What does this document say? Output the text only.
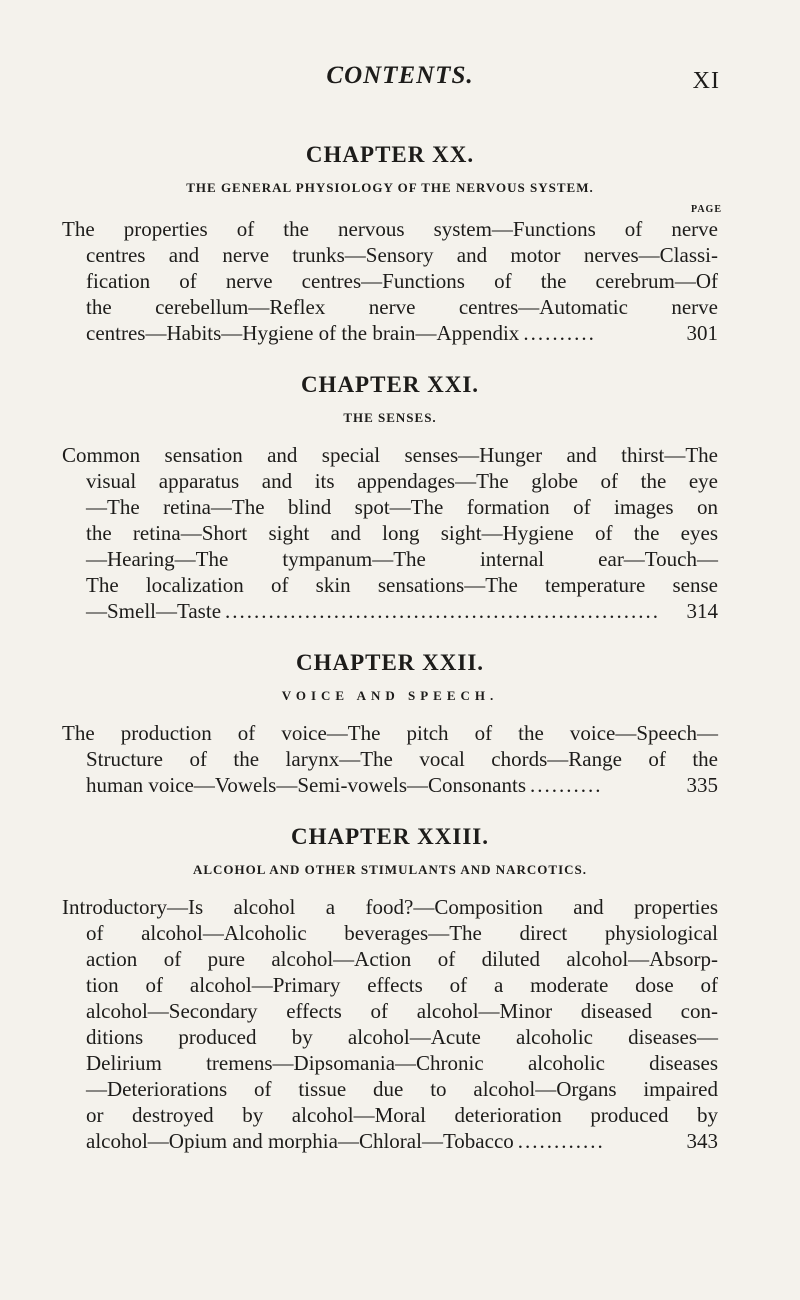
CONTENTS.	XI
CHAPTER XX.
THE GENERAL PHYSIOLOGY OF THE NERVOUS SYSTEM.
PAGE
The properties of the nervous system—Functions of nerve
centres and nerve trunks—Sensory and motor nerves—Classi-
fication of nerve centres—Functions of the cerebrum—Of
the cerebellum—Reflex nerve centres—Automatic nerve
centres—Habits—Hygiene of the brain—Appendix ..........	301
CHAPTER XXI.
THE SENSES.
Common sensation and special senses—Hunger and thirst—The
visual apparatus and its appendages—The globe of the eye
—The retina—The blind spot—The formation of images on
the retina—Short sight and long sight—Hygiene of the eyes
—Hearing—The tympanum—The internal ear—Touch—
The localization of skin sensations—The temperature sense
—Smell—Taste ............................................................	314
CHAPTER XXII.
VOICE AND SPEECH.
The production of voice—The pitch of the voice—Speech—
Structure of the larynx—The vocal chords—Range of the
human voice—Vowels—Semi-vowels—Consonants ..........	335
CHAPTER XXIII.
ALCOHOL AND OTHER STIMULANTS AND NARCOTICS.
Introductory—Is alcohol a food?—Composition and properties
of alcohol—Alcoholic beverages—The direct physiological
action of pure alcohol—Action of diluted alcohol—Absorp-
tion of alcohol—Primary effects of a moderate dose of
alcohol—Secondary effects of alcohol—Minor diseased con-
ditions produced by alcohol—Acute alcoholic diseases—
Delirium tremens—Dipsomania—Chronic alcoholic diseases
—Deteriorations of tissue due to alcohol—Organs impaired
or destroyed by alcohol—Moral deterioration produced by
alcohol—Opium and morphia—Chloral—Tobacco ............	343
